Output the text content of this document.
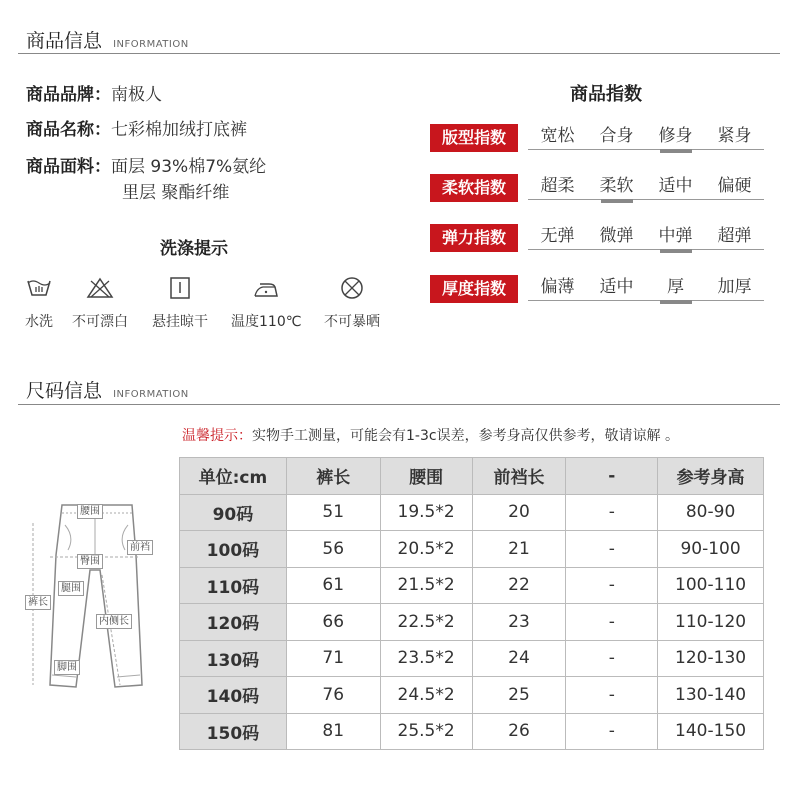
商品信息 INFORMATION
商品品牌：南极人
商品名称：七彩棉加绒打底裤
商品面料：面层 93%棉7%氨纶
里层 聚酯纤维
洗涤提示
水洗 不可漂白 悬挂晾干 温度110℃ 不可暴晒
商品指数
版型指数	宽松	合身	修身	紧身
柔软指数	超柔	柔软	适中	偏硬
弹力指数	无弹	微弹	中弹	超弹
厚度指数	偏薄	适中	厚	加厚
尺码信息 INFORMATION
温馨提示：实物手工测量，可能会有1-3c误差，参考身高仅供参考，敬请谅解 。
腰围
前裆
臀围
腿围
裤长
内侧长
脚围
单位:cm	裤长	腰围	前裆长	-	参考身高
90码	51	19.5*2	20	-	80-90
100码	56	20.5*2	21	-	90-100
110码	61	21.5*2	22	-	100-110
120码	66	22.5*2	23	-	110-120
130码	71	23.5*2	24	-	120-130
140码	76	24.5*2	25	-	130-140
150码	81	25.5*2	26	-	140-150
